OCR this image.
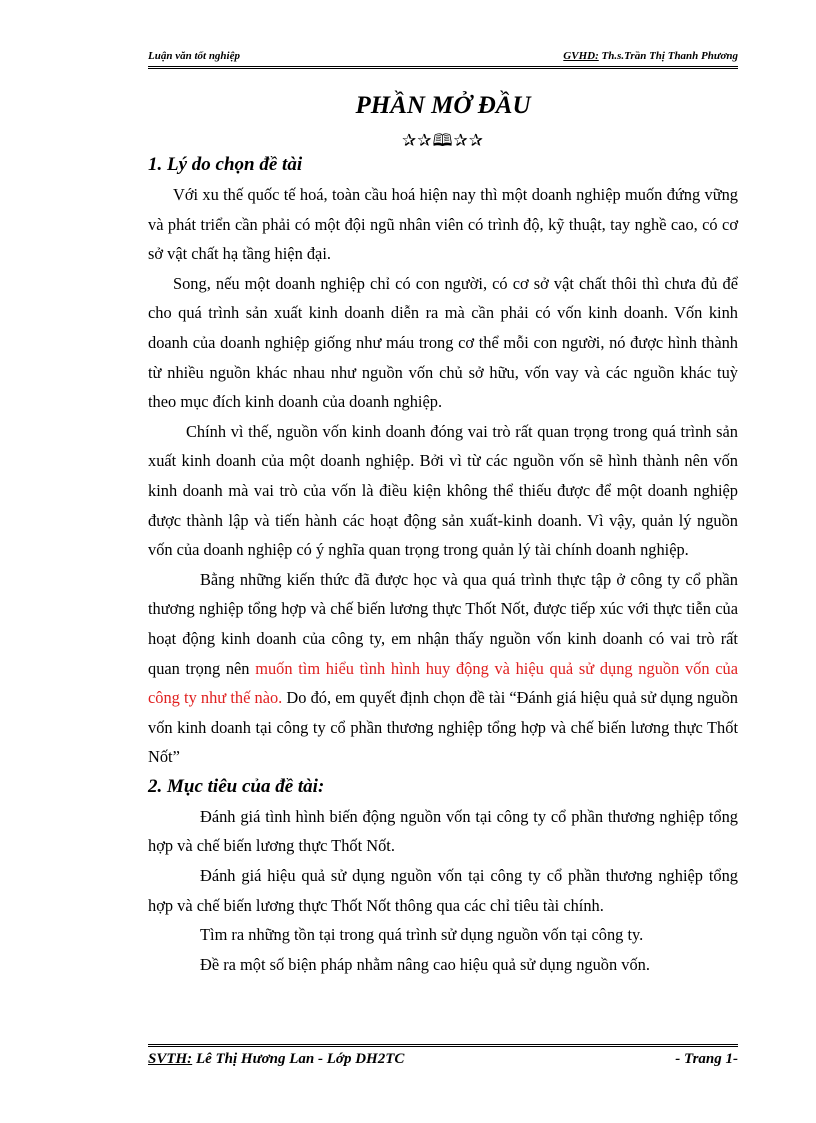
Luận văn tốt nghiệp	GVHD: Th.s.Trần Thị Thanh Phương
PHẦN MỞ ĐẦU
✰✰🕮✰✰
1. Lý do chọn đề tài

Với xu thế quốc tế hoá, toàn cầu hoá hiện nay thì một doanh nghiệp muốn đứng vững và phát triển cần phải có một đội ngũ nhân viên có trình độ, kỹ thuật, tay nghề cao, có cơ sở vật chất hạ tầng hiện đại.

Song, nếu một doanh nghiệp chỉ có con người, có cơ sở vật chất thôi thì chưa đủ để cho quá trình sản xuất kinh doanh diễn ra mà cần phải có vốn kinh doanh. Vốn kinh doanh của doanh nghiệp giống như máu trong cơ thể mỗi con người, nó được hình thành từ nhiều nguồn khác nhau như nguồn vốn chủ sở hữu, vốn vay và các nguồn khác tuỳ theo mục đích kinh doanh của doanh nghiệp.

Chính vì thế, nguồn vốn kinh doanh đóng vai trò rất quan trọng trong quá trình sản xuất kinh doanh của một doanh nghiệp. Bởi vì từ các nguồn vốn sẽ hình thành nên vốn kinh doanh mà vai trò của vốn là điều kiện không thể thiếu được để một doanh nghiệp được thành lập và tiến hành các hoạt động sản xuất-kinh doanh. Vì vậy, quản lý nguồn vốn của doanh nghiệp có ý nghĩa quan trọng trong quản lý tài chính doanh nghiệp.

Bằng những kiến thức đã được học và qua quá trình thực tập ở công ty cổ phần thương nghiệp tổng hợp và chế biến lương thực Thốt Nốt, được tiếp xúc với thực tiễn của hoạt động kinh doanh của công ty, em nhận thấy nguồn vốn kinh doanh có vai trò rất quan trọng nên muốn tìm hiểu tình hình huy động và hiệu quả sử dụng nguồn vốn của công ty như thế nào. Do đó, em quyết định chọn đề tài “Đánh giá hiệu quả sử dụng nguồn vốn kinh doanh tại công ty cổ phần thương nghiệp tổng hợp và chế biến lương thực Thốt Nốt”

2. Mục tiêu của đề tài:

Đánh giá tình hình biến động nguồn vốn tại công ty cổ phần thương nghiệp tổng hợp và chế biến lương thực Thốt Nốt.

Đánh giá hiệu quả sử dụng nguồn vốn tại công ty cổ phần thương nghiệp tổng hợp và chế biến lương thực Thốt Nốt thông qua các chỉ tiêu tài chính.

Tìm ra những tồn tại trong quá trình sử dụng nguồn vốn tại công ty.

Đề ra một số biện pháp nhằm nâng cao hiệu quả sử dụng nguồn vốn.

SVTH: Lê Thị Hương Lan - Lớp DH2TC	- Trang 1-
